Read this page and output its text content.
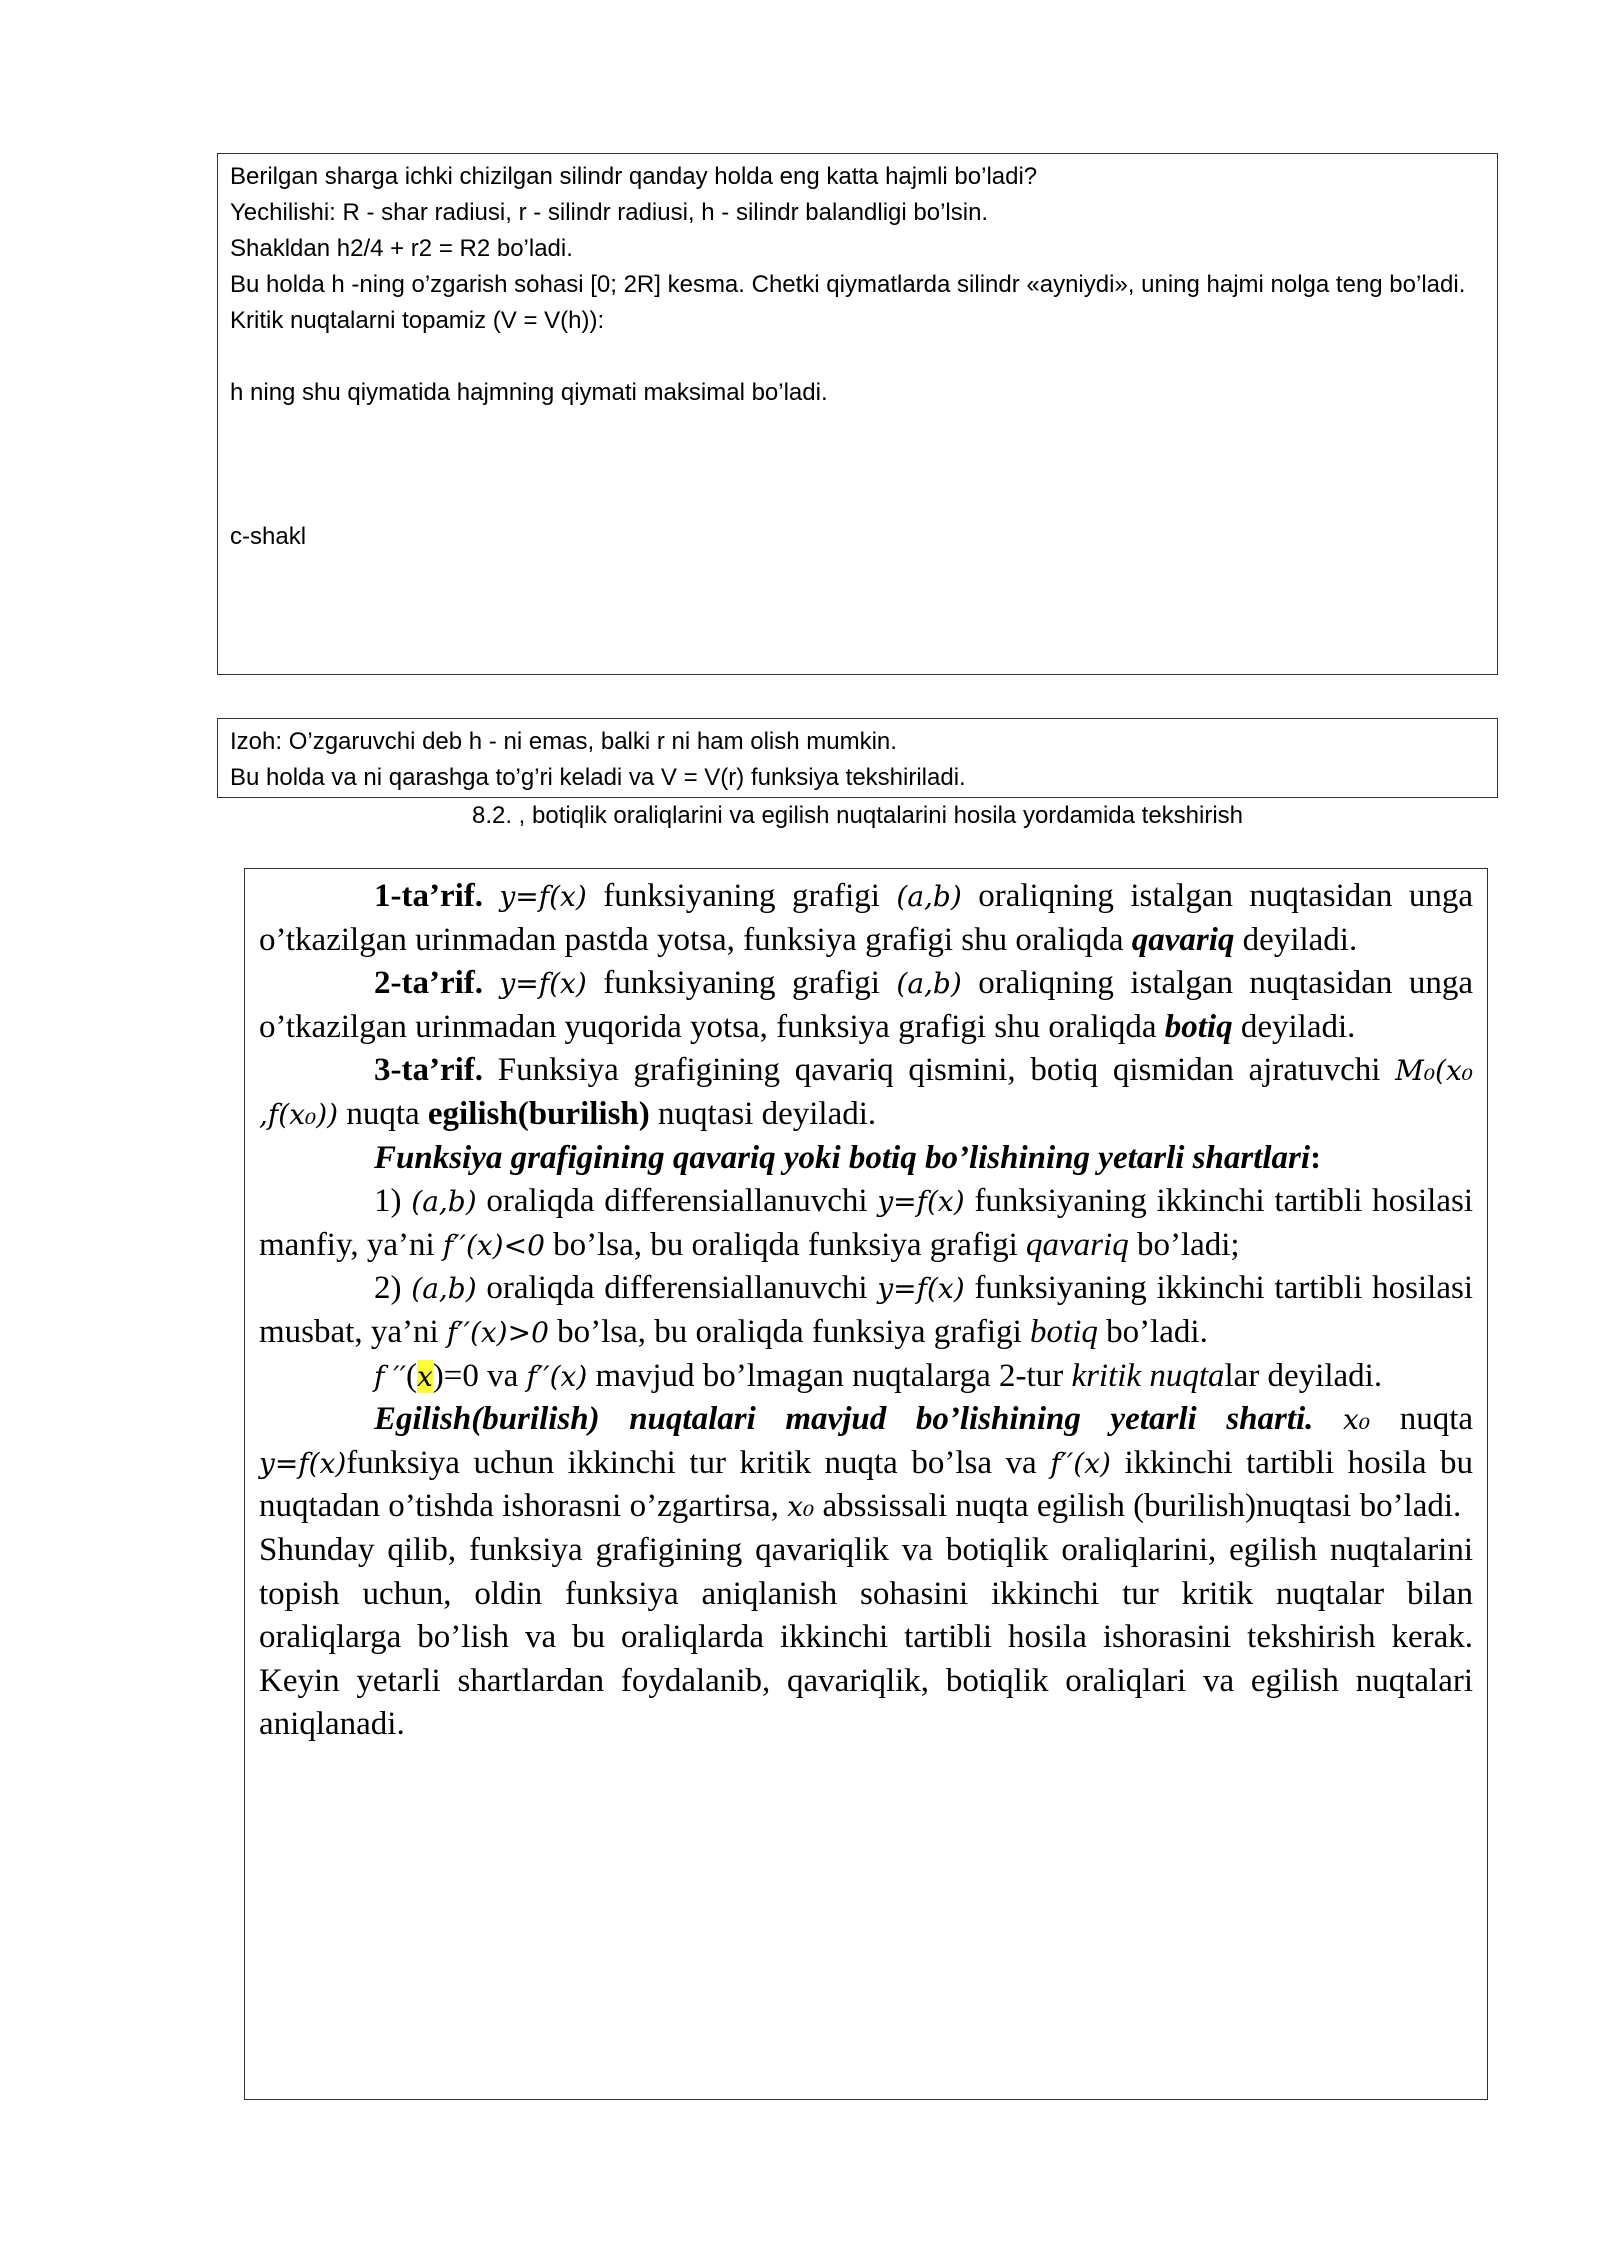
Berilgan sharga ichki chizilgan silindr qanday holda eng katta hajmli bo’ladi?
Yechilishi: R - shar radiusi, r - silindr radiusi, h - silindr balandligi bo’lsin.
Shakldan h2/4 + r2 = R2 bo’ladi.
Bu holda h -ning o’zgarish sohasi [0; 2R] kesma. Chetki qiymatlarda silindr «ayniydi», uning hajmi nolga teng bo’ladi. Kritik nuqtalarni topamiz (V = V(h)):
h ning shu qiymatida hajmning qiymati maksimal bo’ladi.
c-shakl
Izoh: O’zgaruvchi deb h - ni emas, balki r ni ham olish mumkin.
Bu holda va ni qarashga to’g’ri keladi va V = V(r) funksiya tekshiriladi.
8.2. , botiqlik oraliqlarini va egilish nuqtalarini hosila yordamida tekshirish

1-ta’rif. y=f(x) funksiyaning grafigi (a,b) oraliqning istalgan nuqtasidan unga o’tkazilgan urinmadan pastda yotsa, funksiya grafigi shu oraliqda qavariq deyiladi.

2-ta’rif. y=f(x) funksiyaning grafigi (a,b) oraliqning istalgan nuqtasidan unga o’tkazilgan urinmadan yuqorida yotsa, funksiya grafigi shu oraliqda botiq deyiladi.

3-ta’rif. Funksiya grafigining qavariq qismini, botiq qismidan ajratuvchi M₀(x₀ ,f(x₀)) nuqta egilish(burilish) nuqtasi deyiladi.

Funksiya grafigining qavariq yoki botiq bo’lishining yetarli shartlari:

1) (a,b) oraliqda differensiallanuvchi y=f(x) funksiyaning ikkinchi tartibli hosilasi manfiy, ya’ni f′′(x)<0 bo’lsa, bu oraliqda funksiya grafigi qavariq bo’ladi;

2) (a,b) oraliqda differensiallanuvchi y=f(x) funksiyaning ikkinchi tartibli hosilasi musbat, ya’ni f′′(x)>0 bo’lsa, bu oraliqda funksiya grafigi botiq bo’ladi.

f ′′(x)=0 va f′′(x) mavjud bo’lmagan nuqtalarga 2-tur kritik nuqtalar deyiladi.

Egilish(burilish) nuqtalari mavjud bo’lishining yetarli sharti. x₀ nuqta y=f(x)funksiya uchun ikkinchi tur kritik nuqta bo’lsa va f′′(x) ikkinchi tartibli hosila bu nuqtadan o’tishda ishorasni o’zgartirsa, x₀ abssissali nuqta egilish (burilish)nuqtasi bo’ladi.

Shunday qilib, funksiya grafigining qavariqlik va botiqlik oraliqlarini, egilish nuqtalarini topish uchun, oldin funksiya aniqlanish sohasini ikkinchi tur kritik nuqtalar bilan oraliqlarga bo’lish va bu oraliqlarda ikkinchi tartibli hosila ishorasini tekshirish kerak. Keyin yetarli shartlardan foydalanib, qavariqlik, botiqlik oraliqlari va egilish nuqtalari aniqlanadi.
